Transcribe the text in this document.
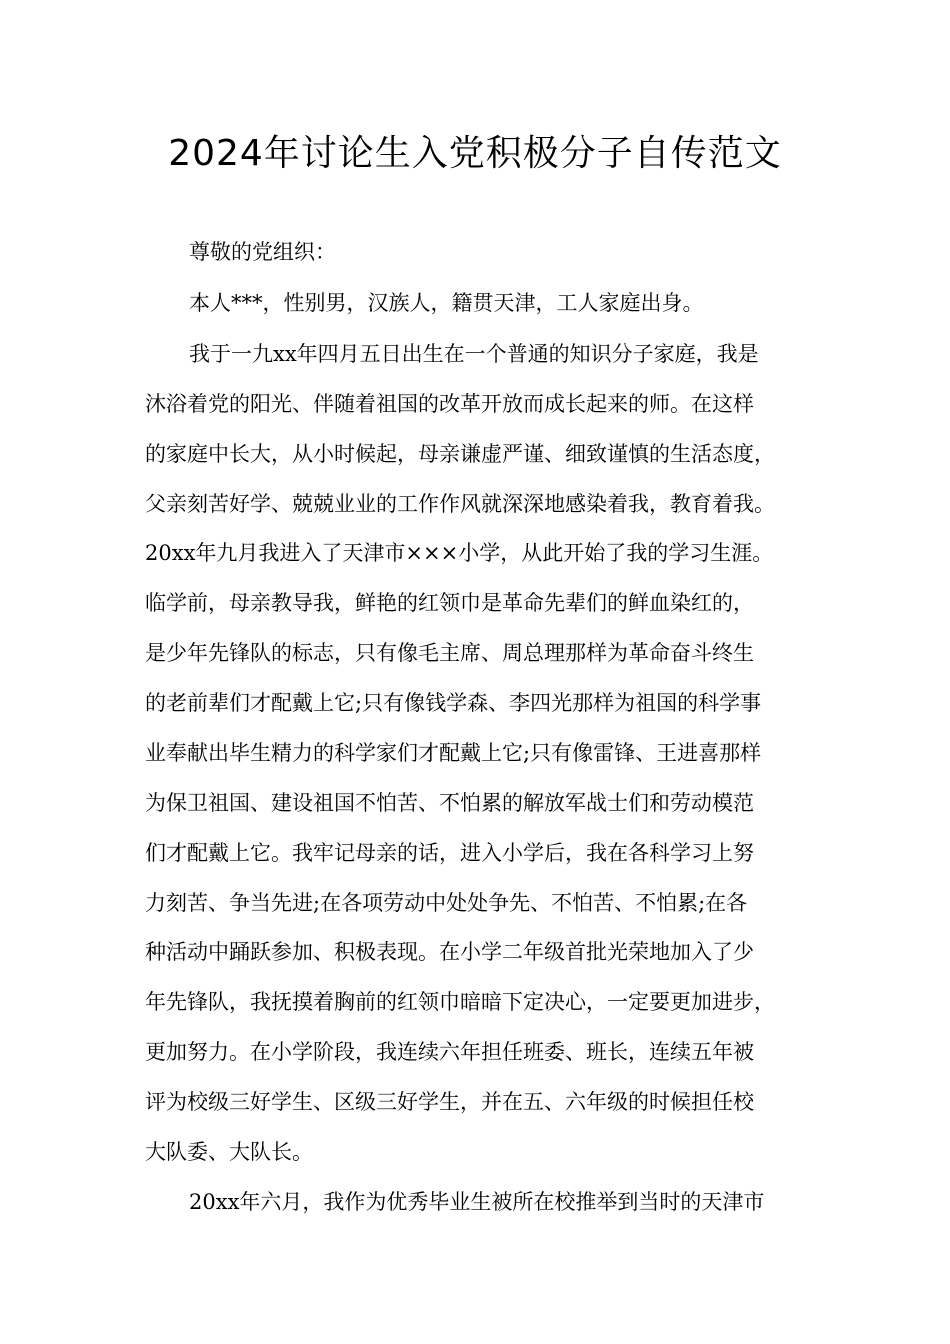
2024年讨论生入党积极分子自传范文

尊敬的党组织：

本人***，性别男，汉族人，籍贯天津，工人家庭出身。

我于一九xx年四月五日出生在一个普通的知识分子家庭，我是

沐浴着党的阳光、伴随着祖国的改革开放而成长起来的师。在这样

的家庭中长大，从小时候起，母亲谦虚严谨、细致谨慎的生活态度，

父亲刻苦好学、兢兢业业的工作作风就深深地感染着我，教育着我。

20xx年九月我进入了天津市×××小学，从此开始了我的学习生涯。

临学前，母亲教导我，鲜艳的红领巾是革命先辈们的鲜血染红的，

是少年先锋队的标志，只有像毛主席、周总理那样为革命奋斗终生

的老前辈们才配戴上它;只有像钱学森、李四光那样为祖国的科学事

业奉献出毕生精力的科学家们才配戴上它;只有像雷锋、王进喜那样

为保卫祖国、建设祖国不怕苦、不怕累的解放军战士们和劳动模范

们才配戴上它。我牢记母亲的话，进入小学后，我在各科学习上努

力刻苦、争当先进;在各项劳动中处处争先、不怕苦、不怕累;在各

种活动中踊跃参加、积极表现。在小学二年级首批光荣地加入了少

年先锋队，我抚摸着胸前的红领巾暗暗下定决心，一定要更加进步，

更加努力。在小学阶段，我连续六年担任班委、班长，连续五年被

评为校级三好学生、区级三好学生，并在五、六年级的时候担任校

大队委、大队长。

20xx年六月，我作为优秀毕业生被所在校推举到当时的天津市
